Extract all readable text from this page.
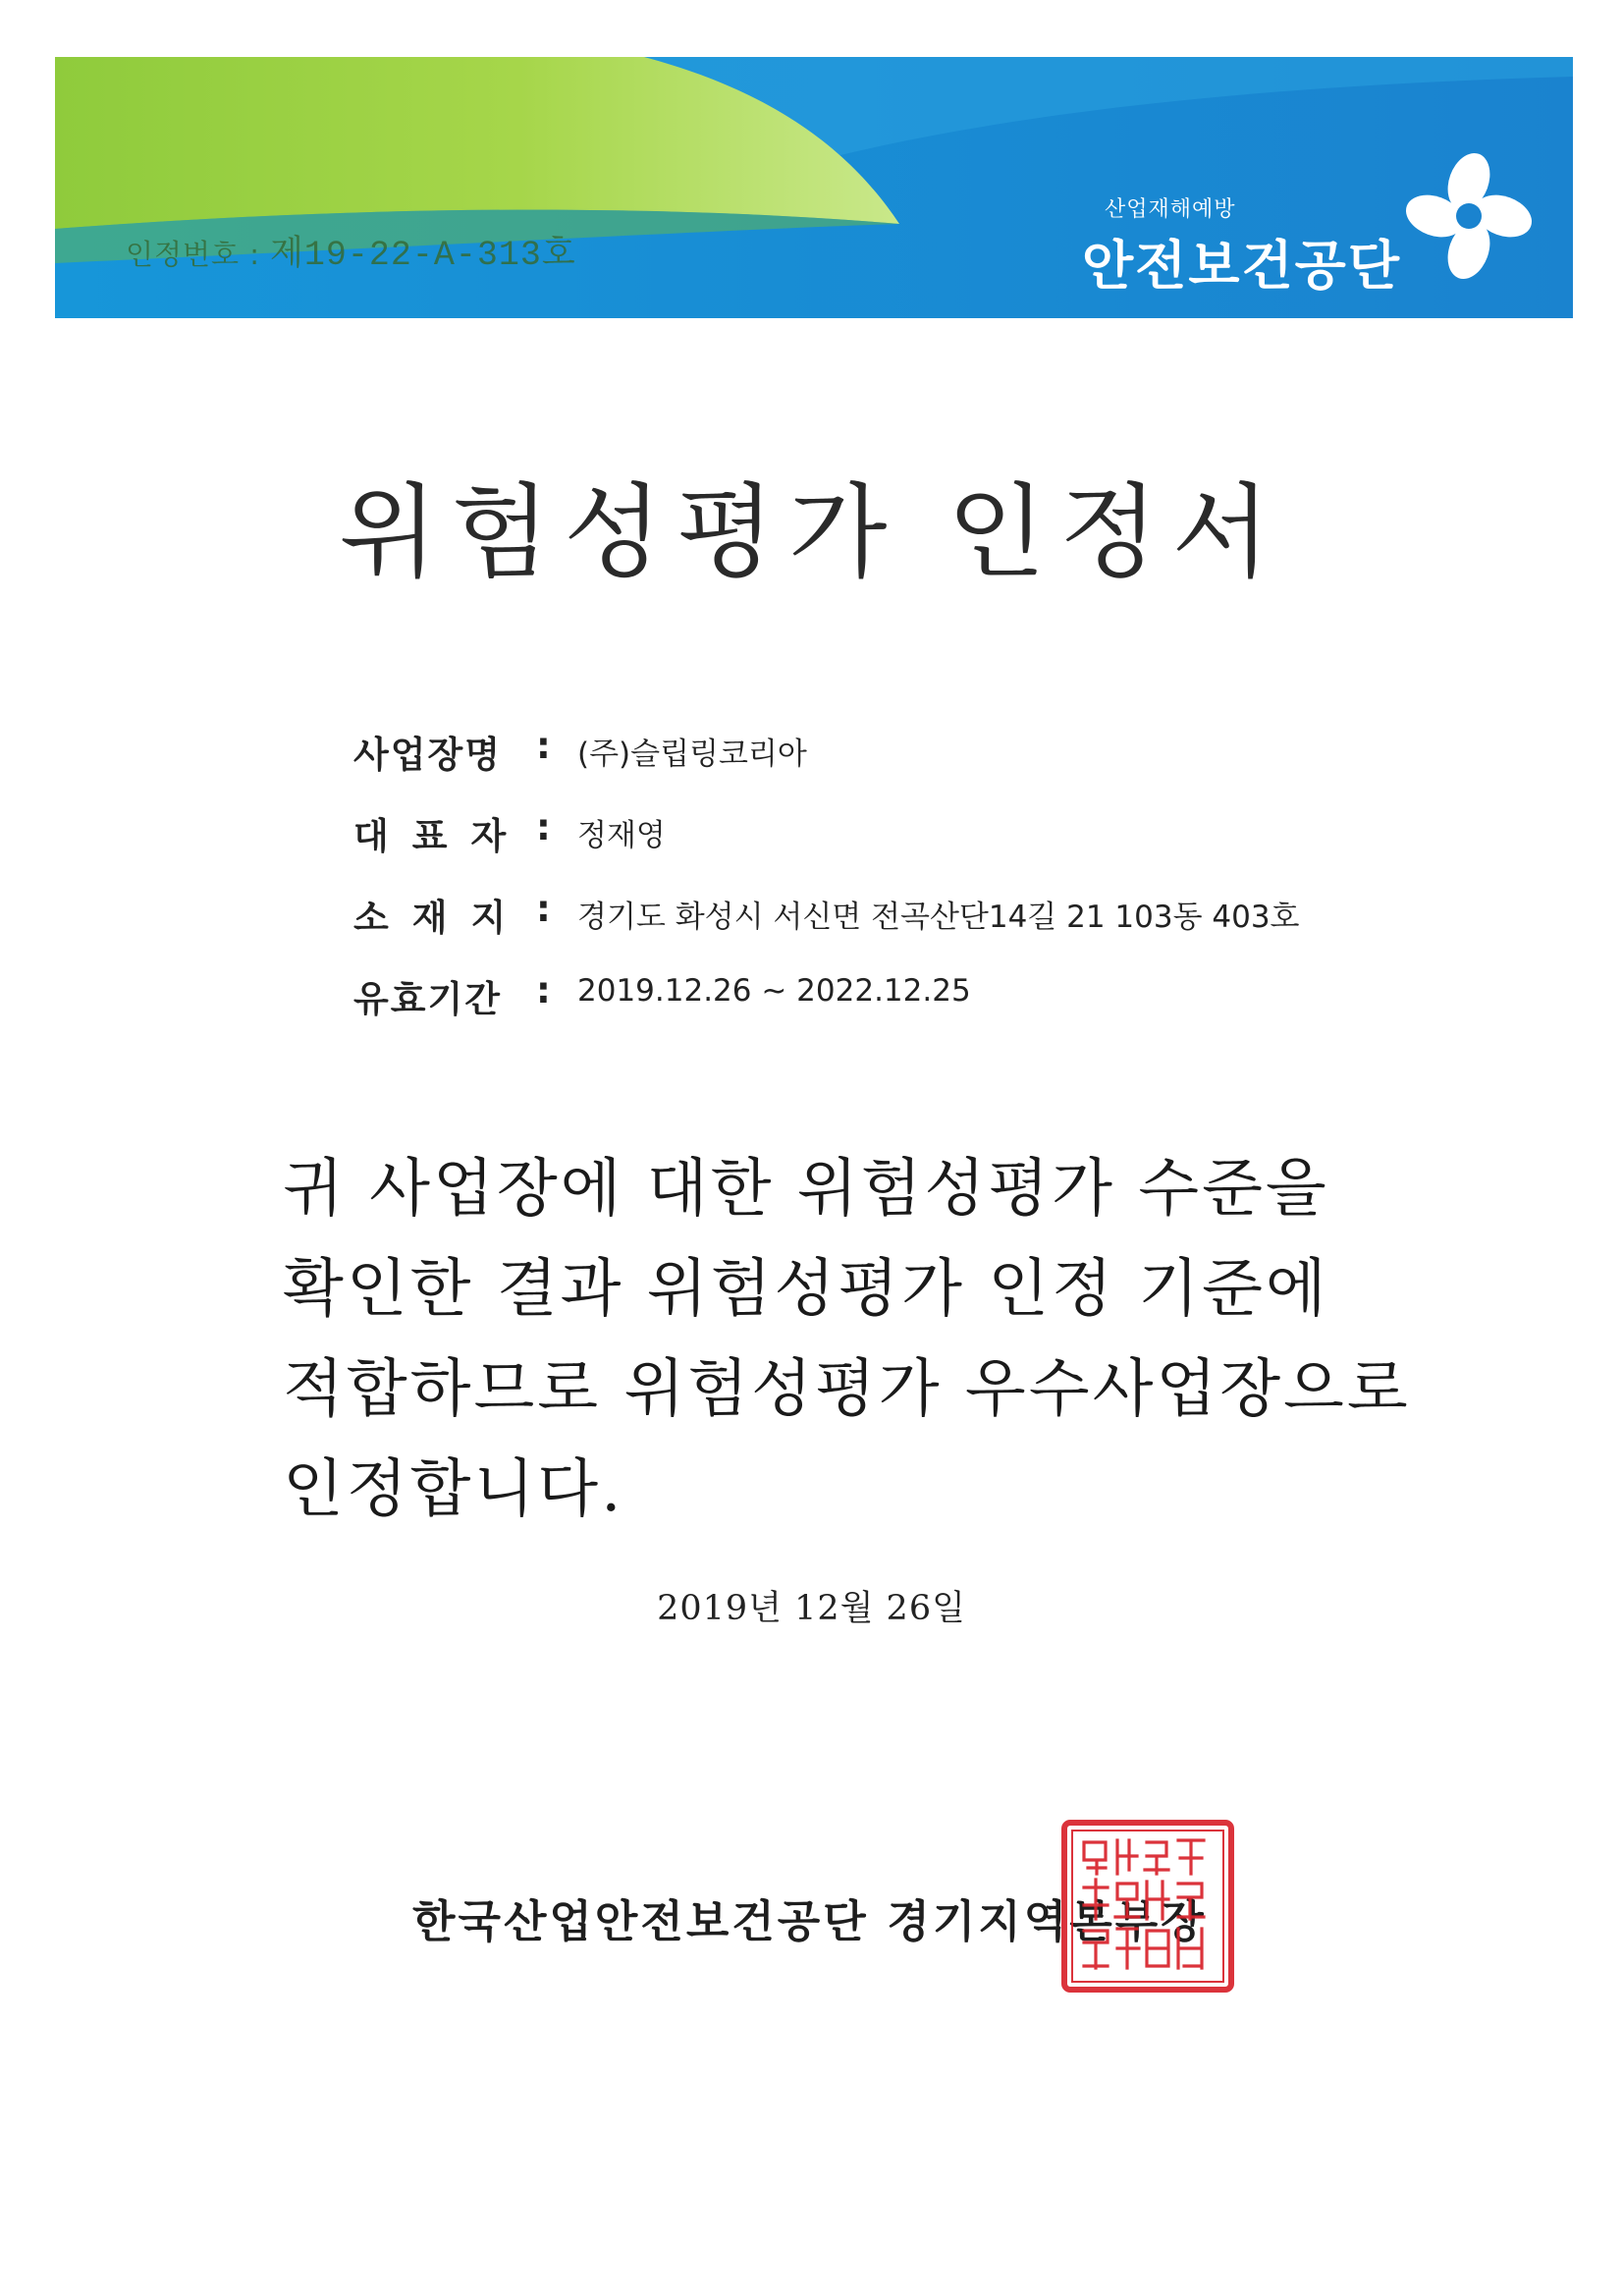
인정번호 : 제19-22-A-313호
산업재해예방
안전보건공단
위험성평가 인정서
사업장명 : (주)슬립링코리아
대표자 : 정재영
소재지 : 경기도 화성시 서신면 전곡산단14길 21 103동 403호
유효기간 : 2019.12.26 ~ 2022.12.25
귀 사업장에 대한 위험성평가 수준을
확인한 결과 위험성평가 인정 기준에
적합하므로 위험성평가 우수사업장으로
인정합니다.
2019년 12월 26일
한국산업안전보건공단 경기지역본부장
